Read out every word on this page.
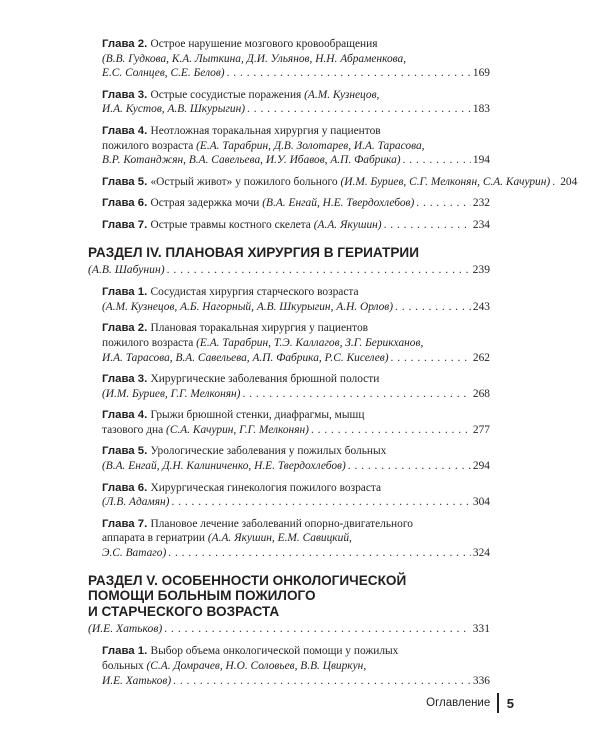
Глава 2. Острое нарушение мозгового кровообращения
(В.В. Гудкова, К.А. Лыткина, Д.И. Ульянов, Н.Н. Абраменкова,
Е.С. Солнцев, С.Е. Белов) . . .	169
Глава 3. Острые сосудистые поражения (А.М. Кузнецов,
И.А. Кустов, А.В. Шкурыгин) . . .	183
Глава 4. Неотложная торакальная хирургия у пациентов
пожилого возраста (Е.А. Тарабрин, Д.В. Золотарев, И.А. Тарасова,
В.Р. Котанджян, В.А. Савельева, И.У. Ибавов, А.П. Фабрика) . . .	194
Глава 5. «Острый живот» у пожилого больного (И.М. Буриев, С.Г. Мелконян, С.А. Качурин) . . . 204
Глава 6. Острая задержка мочи (В.А. Енгай, Н.Е. Твердохлебов) . . .	232
Глава 7. Острые травмы костного скелета (А.А. Якушин) . . .	234
РАЗДЕЛ IV. ПЛАНОВАЯ ХИРУРГИЯ В ГЕРИАТРИИ
(А.В. Шабунин) . . .	239
Глава 1. Сосудистая хирургия старческого возраста
(А.М. Кузнецов, А.Б. Нагорный, А.В. Шкурыгин, А.Н. Орлов) . . .	243
Глава 2. Плановая торакальная хирургия у пациентов
пожилого возраста (Е.А. Тарабрин, Т.Э. Каллагов, З.Г. Берикханов,
И.А. Тарасова, В.А. Савельева, А.П. Фабрика, Р.С. Киселев) . . .	262
Глава 3. Хирургические заболевания брюшной полости
(И.М. Буриев, Г.Г. Мелконян) . . .	268
Глава 4. Грыжи брюшной стенки, диафрагмы, мышц
тазового дна (С.А. Качурин, Г.Г. Мелконян) . . .	277
Глава 5. Урологические заболевания у пожилых больных
(В.А. Енгай, Д.Н. Калиниченко, Н.Е. Твердохлебов) . . .	294
Глава 6. Хирургическая гинекология пожилого возраста
(Л.В. Адамян) . . .	304
Глава 7. Плановое лечение заболеваний опорно-двигательного
аппарата в гериатрии (А.А. Якушин, Е.М. Савицкий,
Э.С. Ватаго) . . .	324
РАЗДЕЛ V. ОСОБЕННОСТИ ОНКОЛОГИЧЕСКОЙ
ПОМОЩИ БОЛЬНЫМ ПОЖИЛОГО
И СТАРЧЕСКОГО ВОЗРАСТА
(И.Е. Хатьков) . . .	331
Глава 1. Выбор объема онкологической помощи у пожилых
больных (С.А. Домрачев, Н.О. Соловьев, В.В. Цвиркун,
И.Е. Хатьков) . . .	336
Оглавление 5
